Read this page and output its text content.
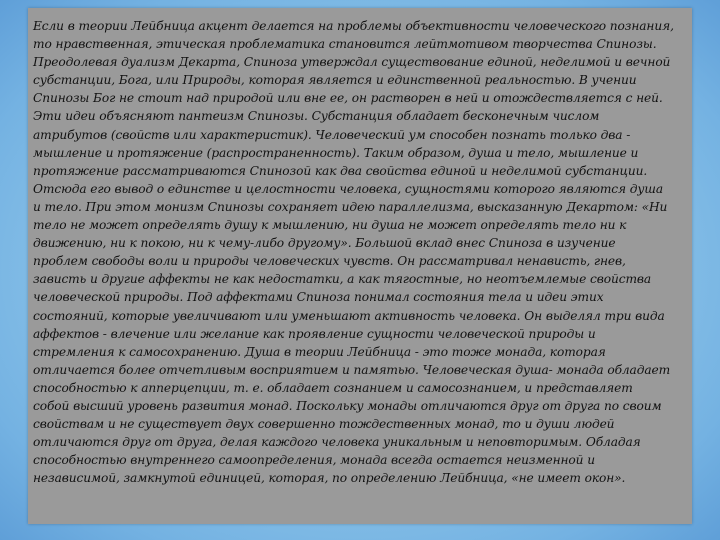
Если в теории Лейбница акцент делается на проблемы объективности человеческого познания,
то нравственная, этическая проблематика становится лейтмотивом творчества Спинозы.
Преодолевая дуализм Декарта, Спиноза утверждал существование единой, неделимой и вечной
субстанции, Бога, или Природы, которая является и единственной реальностью. В учении
Спинозы Бог не стоит над природой или вне ее, он растворен в ней и отождествляется с ней.
Эти идеи объясняют пантеизм Спинозы. Субстанция обладает бесконечным числом
атрибутов (свойств или характеристик). Человеческий ум способен познать только два -
мышление и протяжение (распространенность). Таким образом, душа и тело, мышление и
протяжение рассматриваются Спинозой как два свойства единой и неделимой субстанции.
Отсюда его вывод о единстве и целостности человека, сущностями которого являются душа
и тело. При этом монизм Спинозы сохраняет идею параллелизма, высказанную Декартом: «Ни
тело не может определять душу к мышлению, ни душа не может определять тело ни к
движению, ни к покою, ни к чему-либо другому». Большой вклад внес Спиноза в изучение
проблем свободы воли и природы человеческих чувств. Он рассматривал ненависть, гнев,
зависть и другие аффекты не как недостатки, а как тягостные, но неотъемлемые свойства
человеческой природы. Под аффектами Спиноза понимал состояния тела и идеи этих
состояний, которые увеличивают или уменьшают активность человека. Он выделял три вида
аффектов - влечение или желание как проявление сущности человеческой природы и
стремления к самосохранению. Душа в теории Лейбница - это тоже монада, которая
отличается более отчетливым восприятием и памятью. Человеческая душа- монада обладает
способностью к апперцепции, т. е. обладает сознанием и самосознанием, и представляет
собой высший уровень развития монад. Поскольку монады отличаются друг от друга по своим
свойствам и не существует двух совершенно тождественных монад, то и души людей
отличаются друг от друга, делая каждого человека уникальным и неповторимым. Обладая
способностью внутреннего самоопределения, монада всегда остается неизменной и
независимой, замкнутой единицей, которая, по определению Лейбница, «не имеет окон».
